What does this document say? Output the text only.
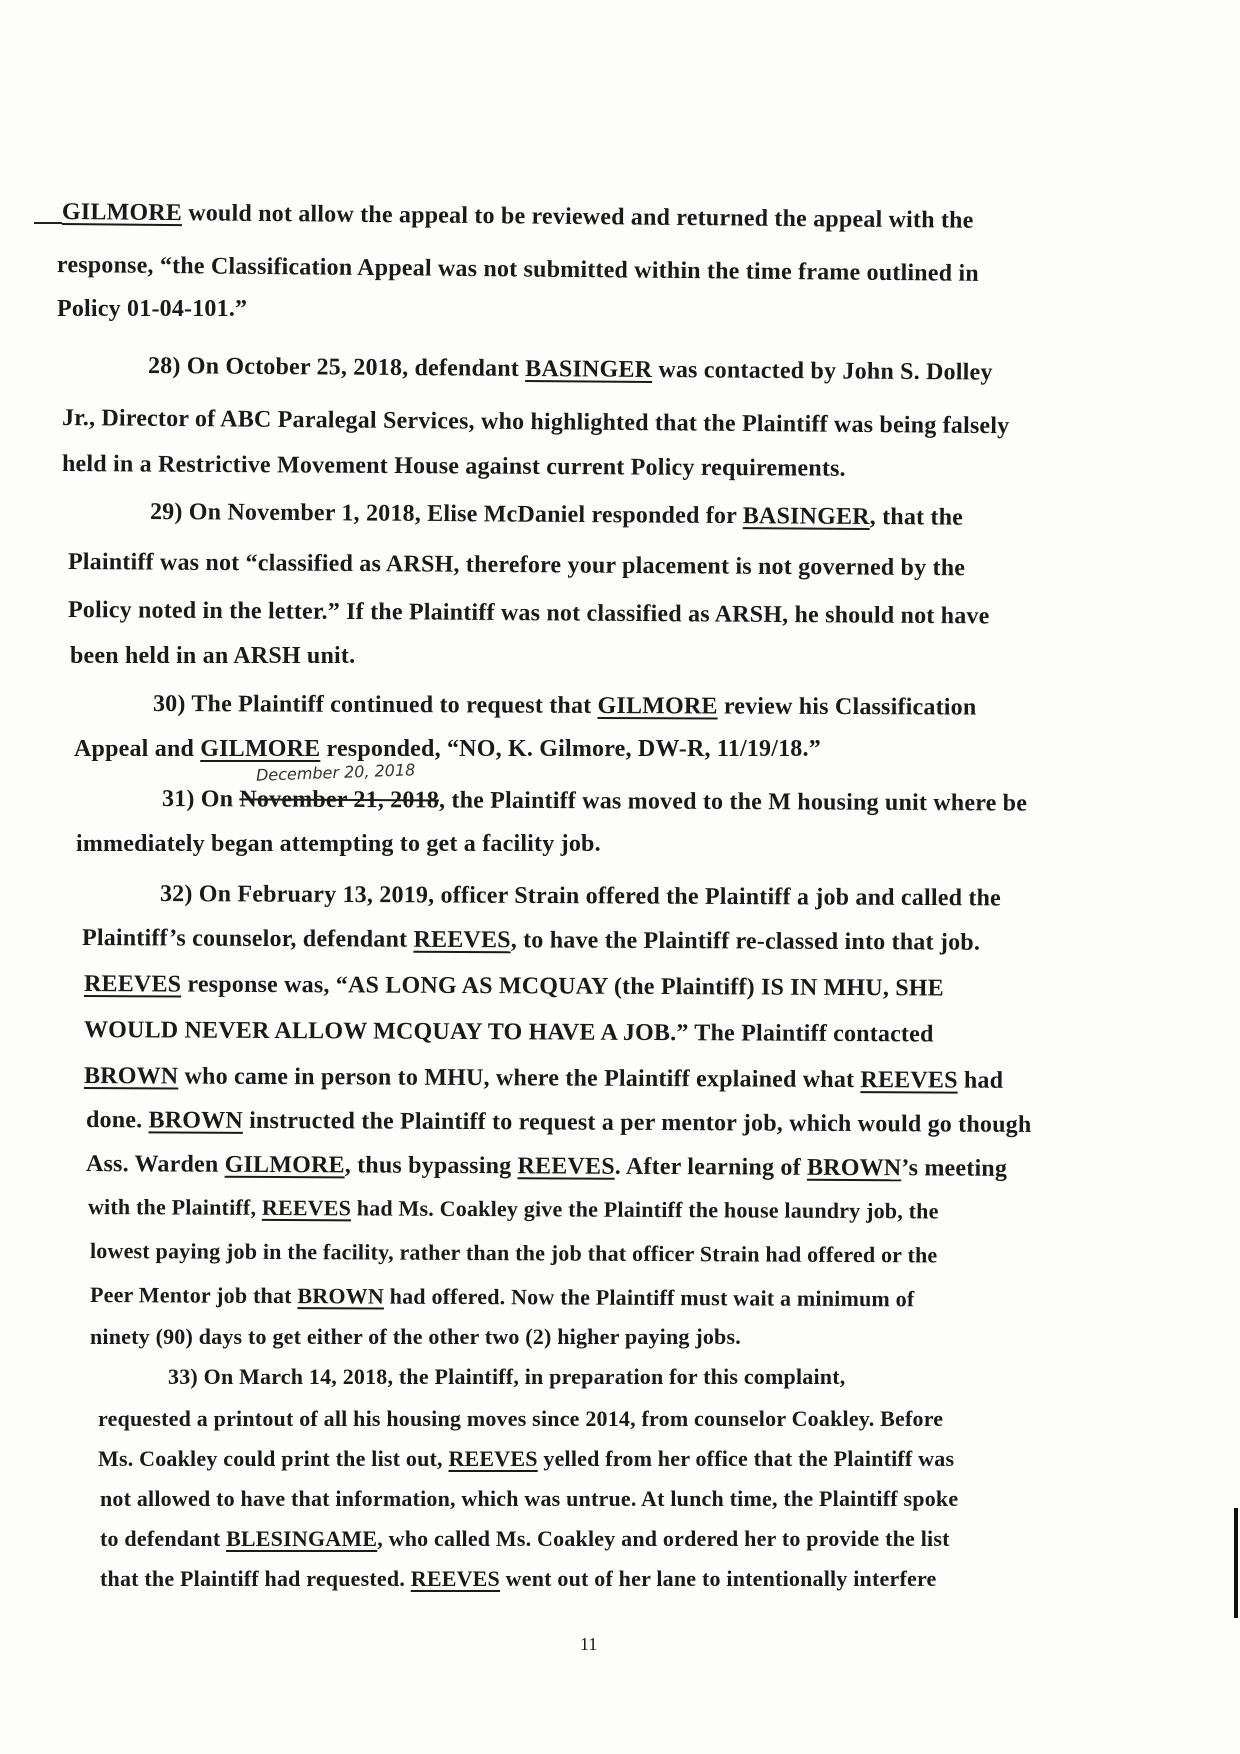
GILMORE would not allow the appeal to be reviewed and returned the appeal with the
response, “the Classification Appeal was not submitted within the time frame outlined in
Policy 01-04-101.”
28) On October 25, 2018, defendant BASINGER was contacted by John S. Dolley
Jr., Director of ABC Paralegal Services, who highlighted that the Plaintiff was being falsely
held in a Restrictive Movement House against current Policy requirements.
29) On November 1, 2018, Elise McDaniel responded for BASINGER, that the
Plaintiff was not “classified as ARSH, therefore your placement is not governed by the
Policy noted in the letter.” If the Plaintiff was not classified as ARSH, he should not have
been held in an ARSH unit.
30) The Plaintiff continued to request that GILMORE review his Classification
Appeal and GILMORE responded, “NO, K. Gilmore, DW-R, 11/19/18.”
December 20, 2018
31) On November 21, 2018, the Plaintiff was moved to the M housing unit where be
immediately began attempting to get a facility job.
32) On February 13, 2019, officer Strain offered the Plaintiff a job and called the
Plaintiff’s counselor, defendant REEVES, to have the Plaintiff re-classed into that job.
REEVES response was, “AS LONG AS MCQUAY (the Plaintiff) IS IN MHU, SHE
WOULD NEVER ALLOW MCQUAY TO HAVE A JOB.” The Plaintiff contacted
BROWN who came in person to MHU, where the Plaintiff explained what REEVES had
done. BROWN instructed the Plaintiff to request a per mentor job, which would go though
Ass. Warden GILMORE, thus bypassing REEVES. After learning of BROWN’s meeting
with the Plaintiff, REEVES had Ms. Coakley give the Plaintiff the house laundry job, the
lowest paying job in the facility, rather than the job that officer Strain had offered or the
Peer Mentor job that BROWN had offered. Now the Plaintiff must wait a minimum of
ninety (90) days to get either of the other two (2) higher paying jobs.
33) On March 14, 2018, the Plaintiff, in preparation for this complaint,
requested a printout of all his housing moves since 2014, from counselor Coakley. Before
Ms. Coakley could print the list out, REEVES yelled from her office that the Plaintiff was
not allowed to have that information, which was untrue. At lunch time, the Plaintiff spoke
to defendant BLESINGAME, who called Ms. Coakley and ordered her to provide the list
that the Plaintiff had requested. REEVES went out of her lane to intentionally interfere
11
